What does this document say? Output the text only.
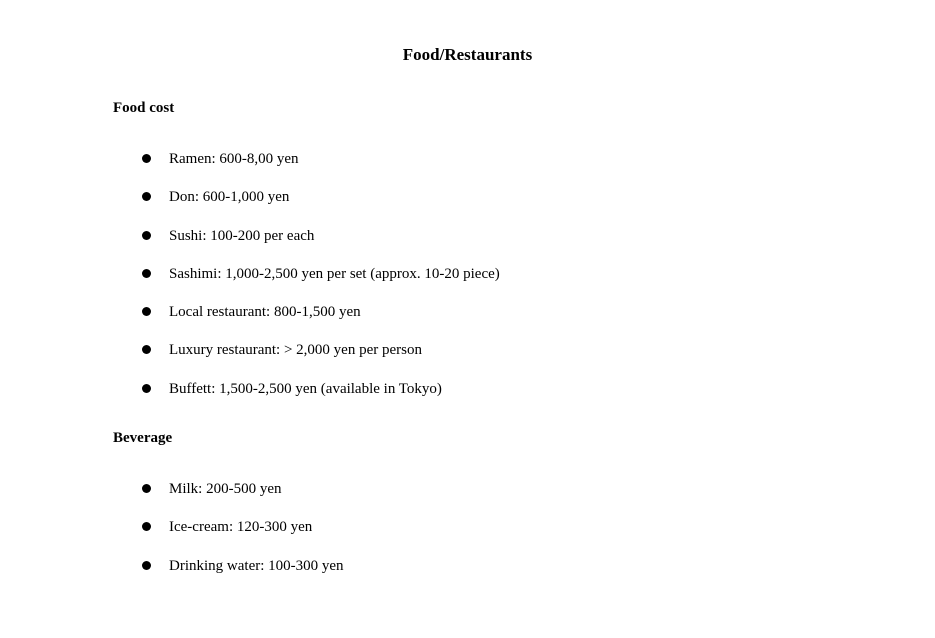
Food/Restaurants
Food cost
Ramen: 600-8,00 yen
Don: 600-1,000 yen
Sushi: 100-200 per each
Sashimi: 1,000-2,500 yen per set (approx. 10-20 piece)
Local restaurant: 800-1,500 yen
Luxury restaurant: > 2,000 yen per person
Buffett: 1,500-2,500 yen (available in Tokyo)
Beverage
Milk: 200-500 yen
Ice-cream: 120-300 yen
Drinking water: 100-300 yen
